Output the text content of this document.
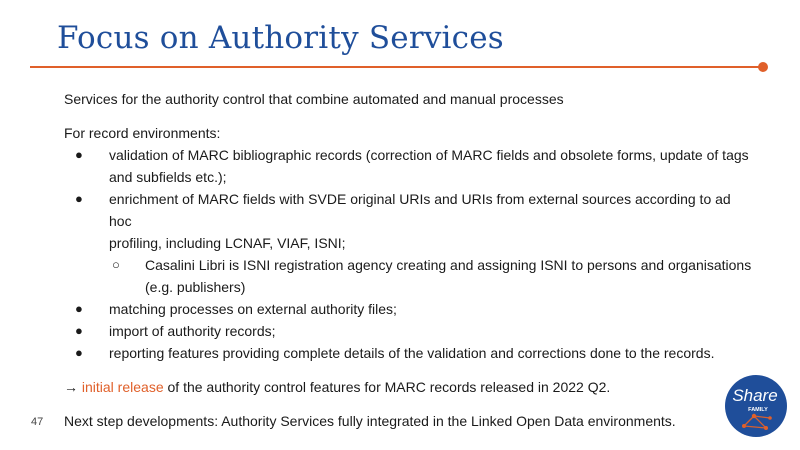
Focus on Authority Services

Services for the authority control that combine automated and manual processes

For record environments:

● validation of MARC bibliographic records (correction of MARC fields and obsolete forms, update of tags
and subfields etc.);
● enrichment of MARC fields with SVDE original URIs and URIs from external sources according to ad hoc
profiling, including LCNAF, VIAF, ISNI;
○ Casalini Libri is ISNI registration agency creating and assigning ISNI to persons and organisations
(e.g. publishers)
● matching processes on external authority files;
● import of authority records;
● reporting features providing complete details of the validation and corrections done to the records.

→ initial release of the authority control features for MARC records released in 2022 Q2.

Next step developments: Authority Services fully integrated in the Linked Open Data environments.

47
Share
FAMILY
